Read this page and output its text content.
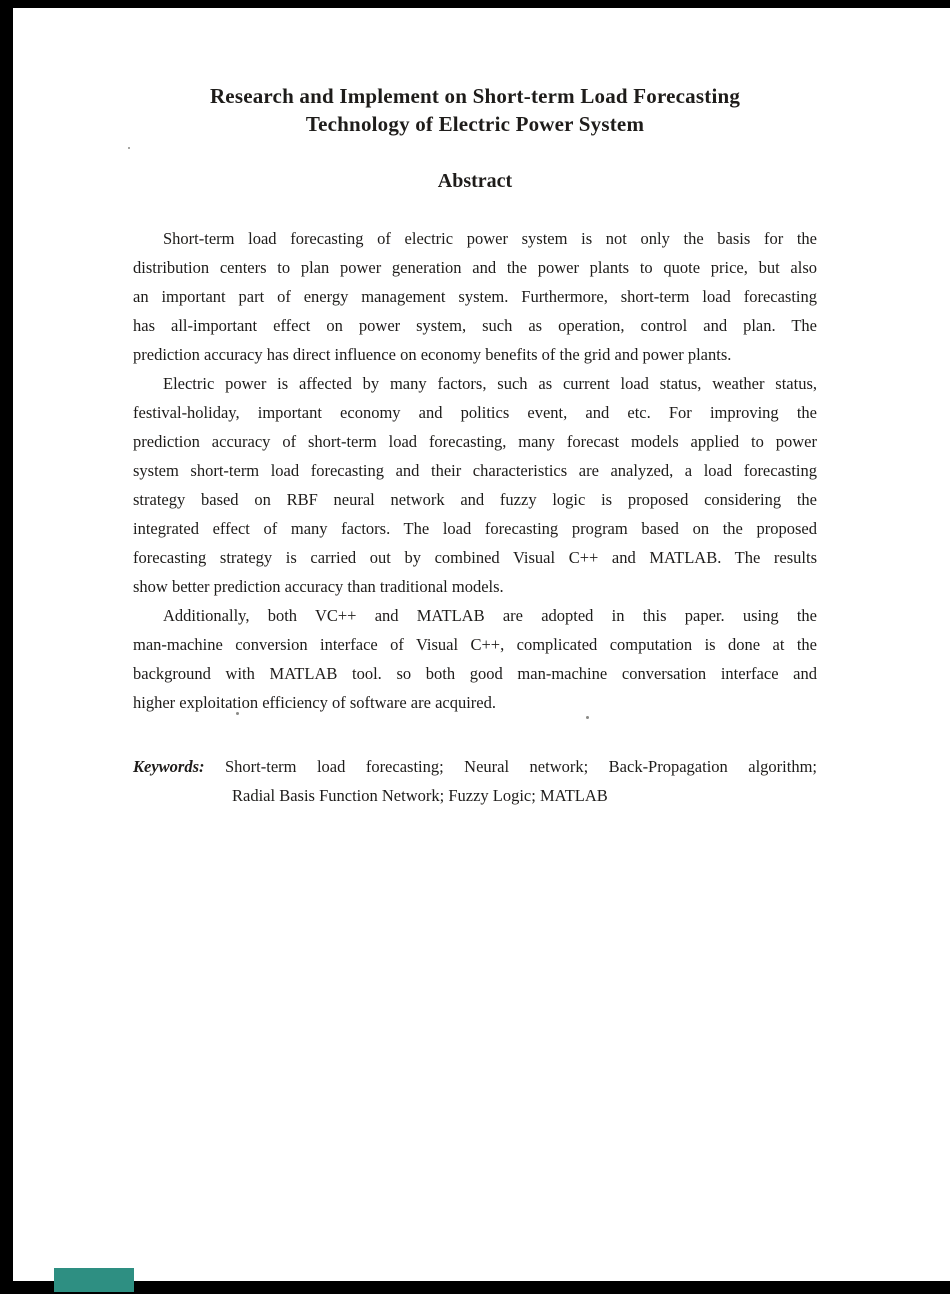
Research and Implement on Short-term Load Forecasting
Technology of Electric Power System
Abstract

Short-term load forecasting of electric power system is not only the basis for the

distribution centers to plan power generation and the power plants to quote price, but also

an important part of energy management system. Furthermore, short-term load forecasting

has all-important effect on power system, such as operation, control and plan. The

prediction accuracy has direct influence on economy benefits of the grid and power plants.

Electric power is affected by many factors, such as current load status, weather status,

festival-holiday, important economy and politics event, and etc. For improving the

prediction accuracy of short-term load forecasting, many forecast models applied to power

system short-term load forecasting and their characteristics are analyzed, a load forecasting

strategy based on RBF neural network and fuzzy logic is proposed considering the

integrated effect of many factors. The load forecasting program based on the proposed

forecasting strategy is carried out by combined Visual C++ and MATLAB. The results

show better prediction accuracy than traditional models.

Additionally, both VC++ and MATLAB are adopted in this paper. using the

man-machine conversion interface of Visual C++, complicated computation is done at the

background with MATLAB tool. so both good man-machine conversation interface and

higher exploitation efficiency of software are acquired.

Keywords: Short-term load forecasting; Neural network; Back-Propagation algorithm;

Radial Basis Function Network; Fuzzy Logic; MATLAB
